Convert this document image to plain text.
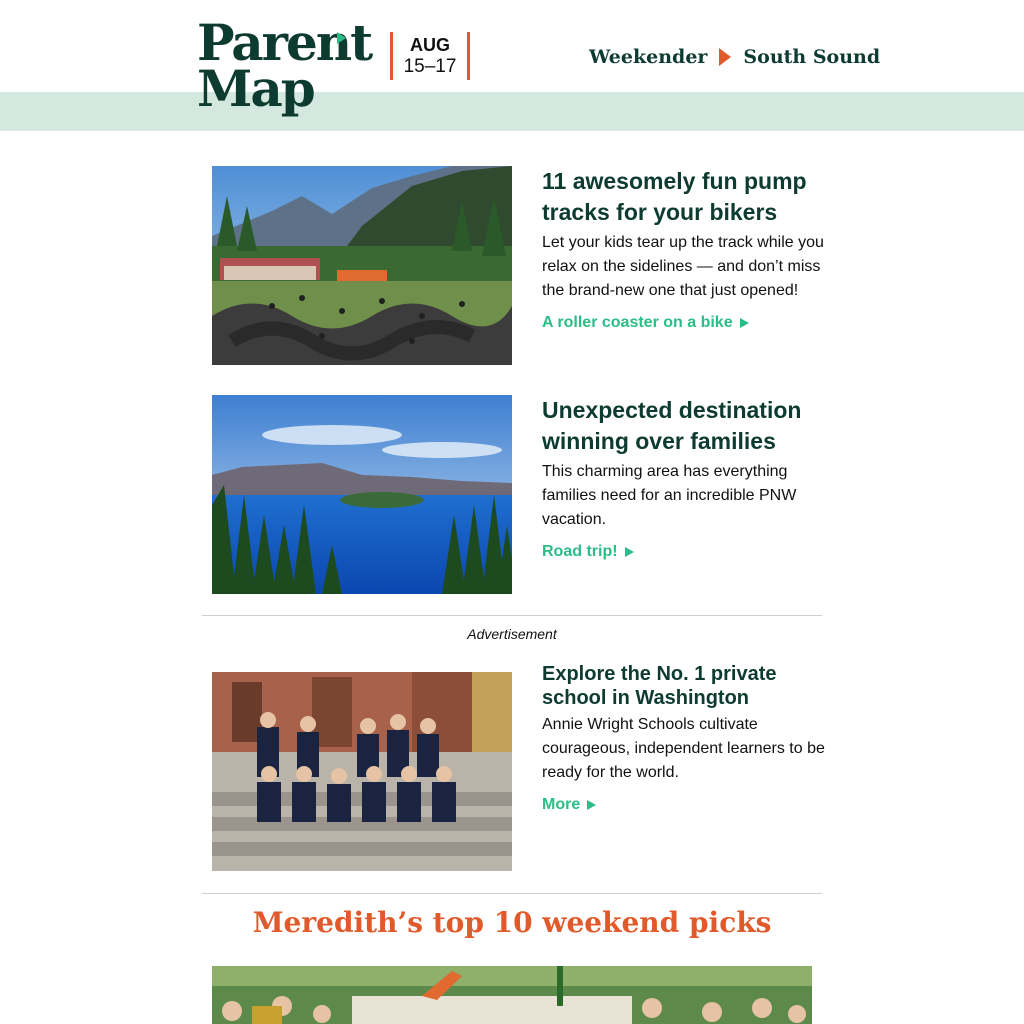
Parent
Map
AUG
15–17	Weekender South Sound
11 awesomely fun pump tracks for your bikers
Let your kids tear up the track while you relax on the sidelines — and don’t miss the brand-new one that just opened!
A roller coaster on a bike
Unexpected destination winning over families
This charming area has everything families need for an incredible PNW vacation.
Road trip!
Advertisement
Explore the No. 1 private school in Washington
Annie Wright Schools cultivate courageous, independent learners to be ready for the world.
More
Meredith’s top 10 weekend picks
